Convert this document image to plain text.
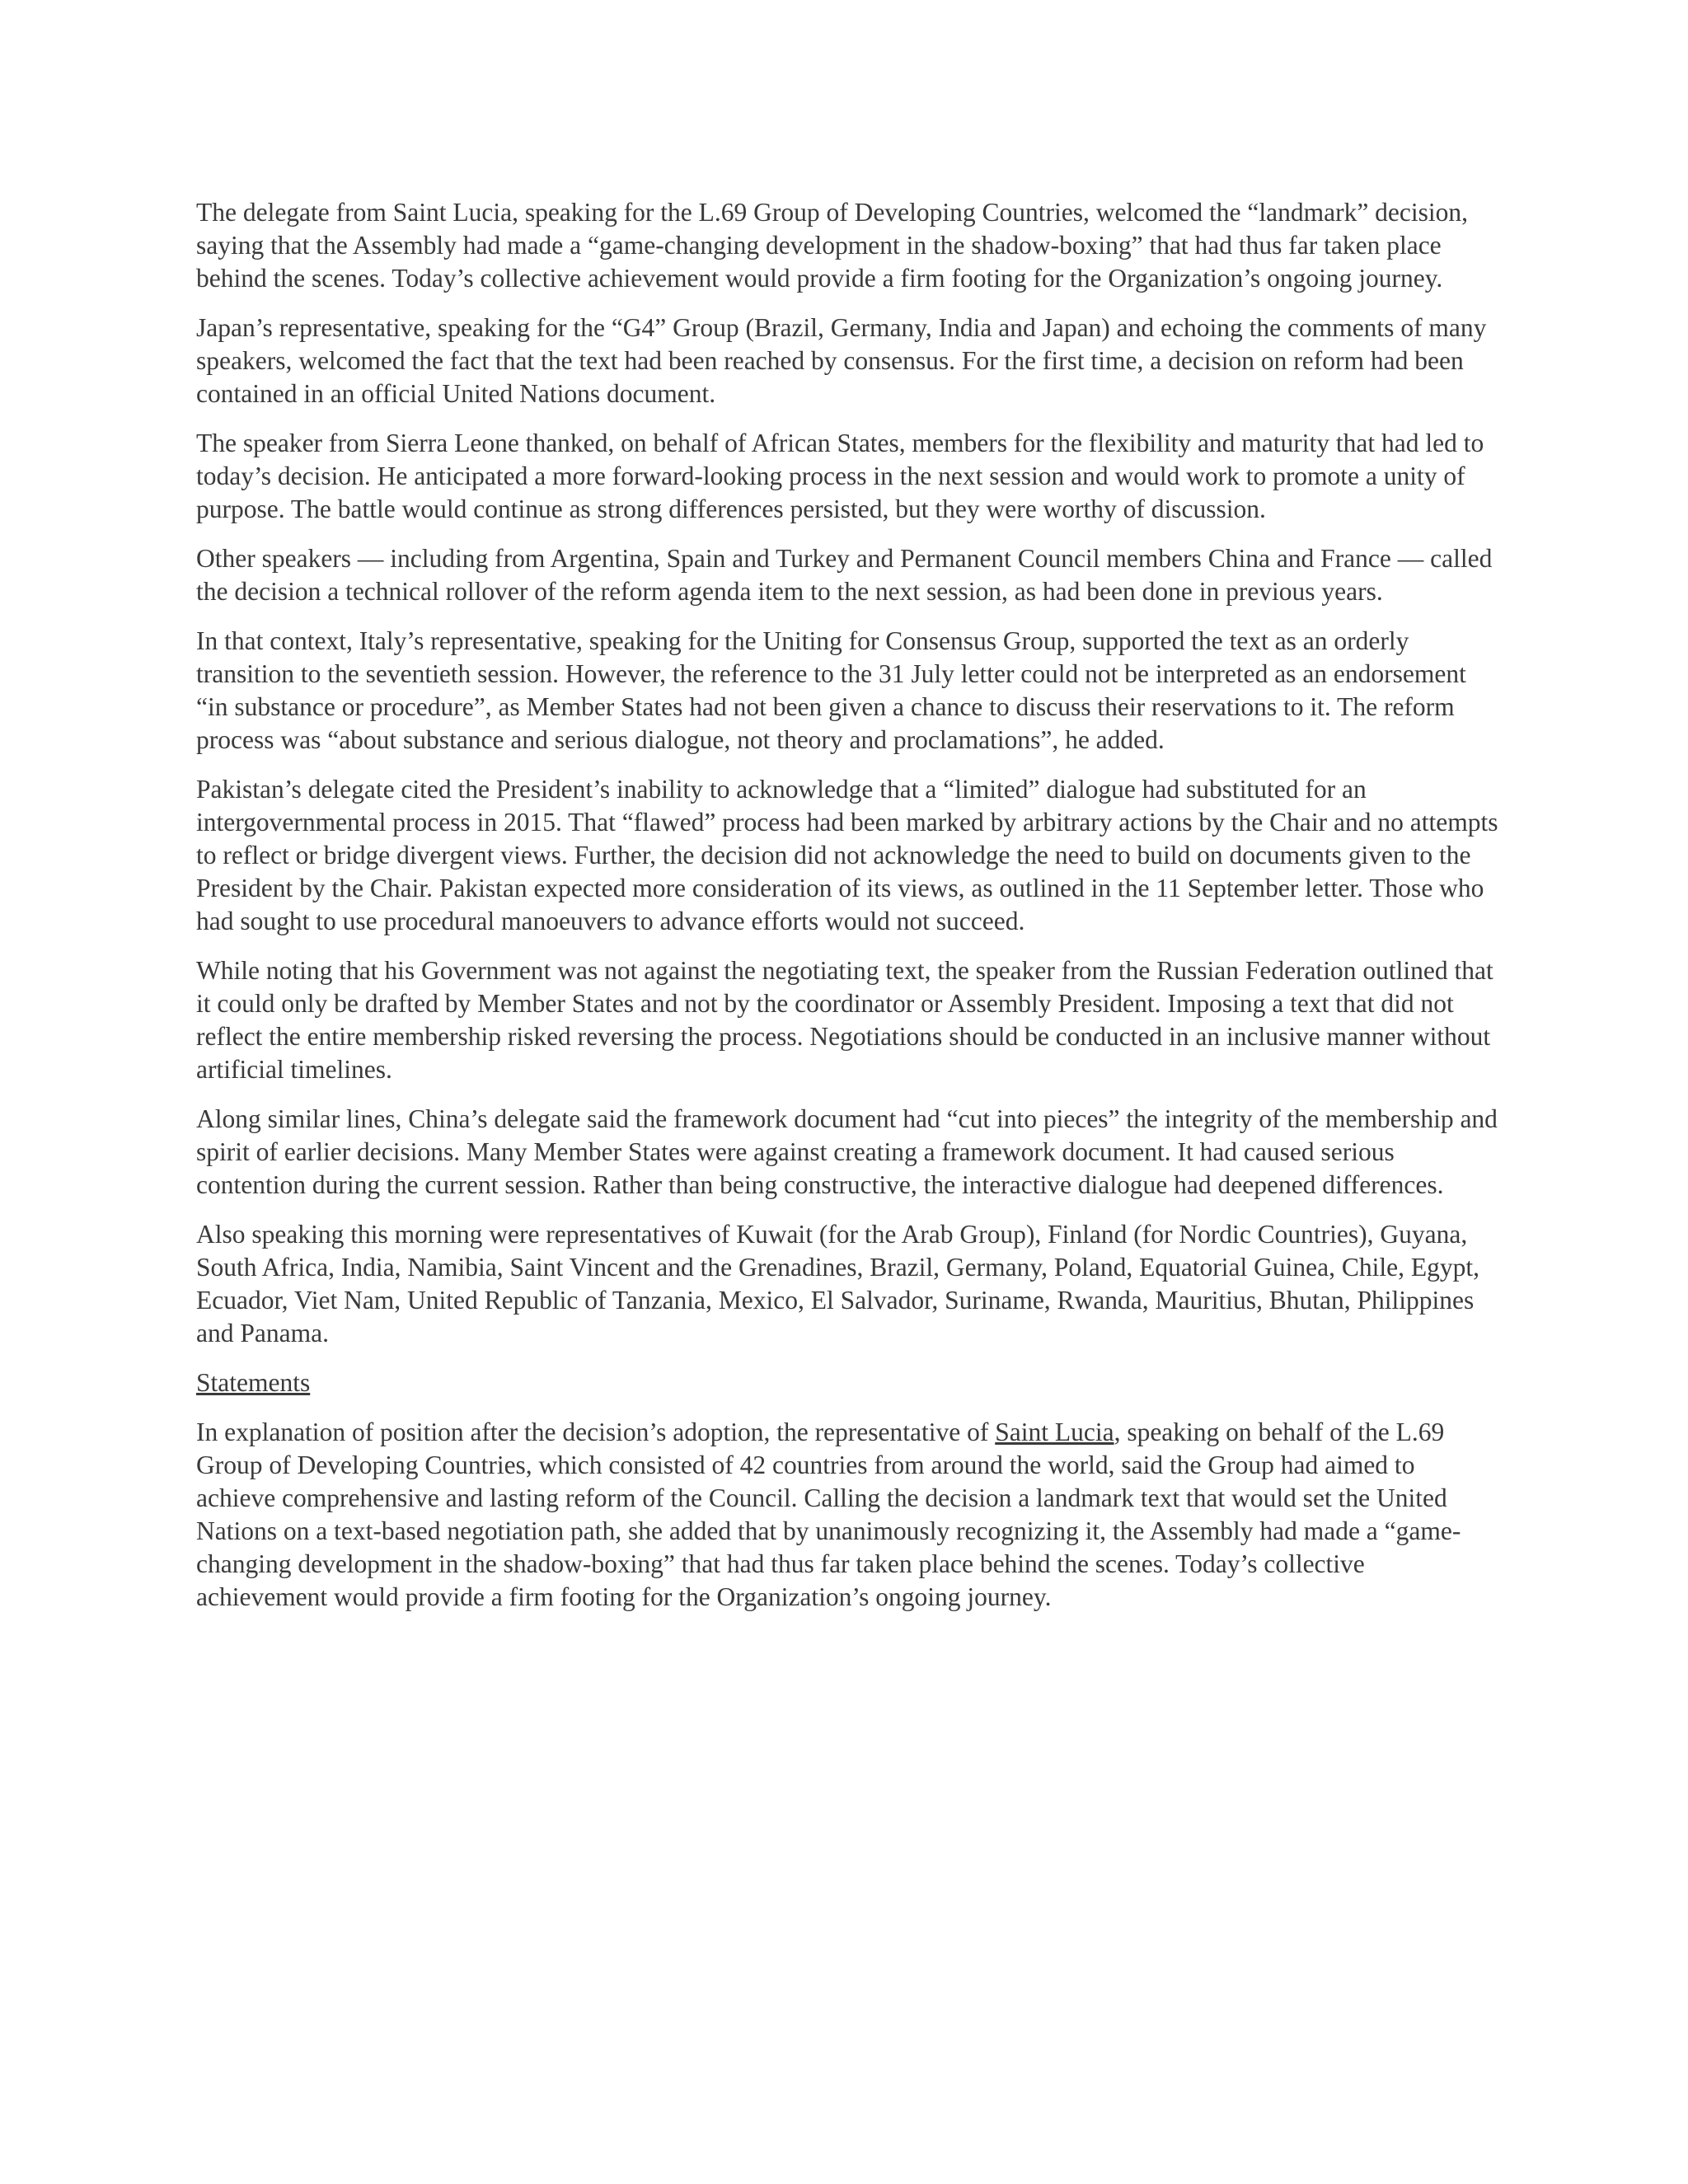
The delegate from Saint Lucia, speaking for the L.69 Group of Developing Countries, welcomed the “landmark” decision, saying that the Assembly had made a “game-changing development in the shadow-boxing” that had thus far taken place behind the scenes. Today’s collective achievement would provide a firm footing for the Organization’s ongoing journey.

Japan’s representative, speaking for the “G4” Group (Brazil, Germany, India and Japan) and echoing the comments of many speakers, welcomed the fact that the text had been reached by consensus. For the first time, a decision on reform had been contained in an official United Nations document.

The speaker from Sierra Leone thanked, on behalf of African States, members for the flexibility and maturity that had led to today’s decision. He anticipated a more forward-looking process in the next session and would work to promote a unity of purpose. The battle would continue as strong differences persisted, but they were worthy of discussion.

Other speakers — including from Argentina, Spain and Turkey and Permanent Council members China and France — called the decision a technical rollover of the reform agenda item to the next session, as had been done in previous years.

In that context, Italy’s representative, speaking for the Uniting for Consensus Group, supported the text as an orderly transition to the seventieth session. However, the reference to the 31 July letter could not be interpreted as an endorsement “in substance or procedure”, as Member States had not been given a chance to discuss their reservations to it. The reform process was “about substance and serious dialogue, not theory and proclamations”, he added.

Pakistan’s delegate cited the President’s inability to acknowledge that a “limited” dialogue had substituted for an intergovernmental process in 2015. That “flawed” process had been marked by arbitrary actions by the Chair and no attempts to reflect or bridge divergent views. Further, the decision did not acknowledge the need to build on documents given to the President by the Chair. Pakistan expected more consideration of its views, as outlined in the 11 September letter. Those who had sought to use procedural manoeuvers to advance efforts would not succeed.

While noting that his Government was not against the negotiating text, the speaker from the Russian Federation outlined that it could only be drafted by Member States and not by the coordinator or Assembly President. Imposing a text that did not reflect the entire membership risked reversing the process. Negotiations should be conducted in an inclusive manner without artificial timelines.

Along similar lines, China’s delegate said the framework document had “cut into pieces” the integrity of the membership and spirit of earlier decisions. Many Member States were against creating a framework document. It had caused serious contention during the current session. Rather than being constructive, the interactive dialogue had deepened differences.

Also speaking this morning were representatives of Kuwait (for the Arab Group), Finland (for Nordic Countries), Guyana, South Africa, India, Namibia, Saint Vincent and the Grenadines, Brazil, Germany, Poland, Equatorial Guinea, Chile, Egypt, Ecuador, Viet Nam, United Republic of Tanzania, Mexico, El Salvador, Suriname, Rwanda, Mauritius, Bhutan, Philippines and Panama.

Statements

In explanation of position after the decision’s adoption, the representative of Saint Lucia, speaking on behalf of the L.69 Group of Developing Countries, which consisted of 42 countries from around the world, said the Group had aimed to achieve comprehensive and lasting reform of the Council. Calling the decision a landmark text that would set the United Nations on a text-based negotiation path, she added that by unanimously recognizing it, the Assembly had made a “game-changing development in the shadow-boxing” that had thus far taken place behind the scenes. Today’s collective achievement would provide a firm footing for the Organization’s ongoing journey.
